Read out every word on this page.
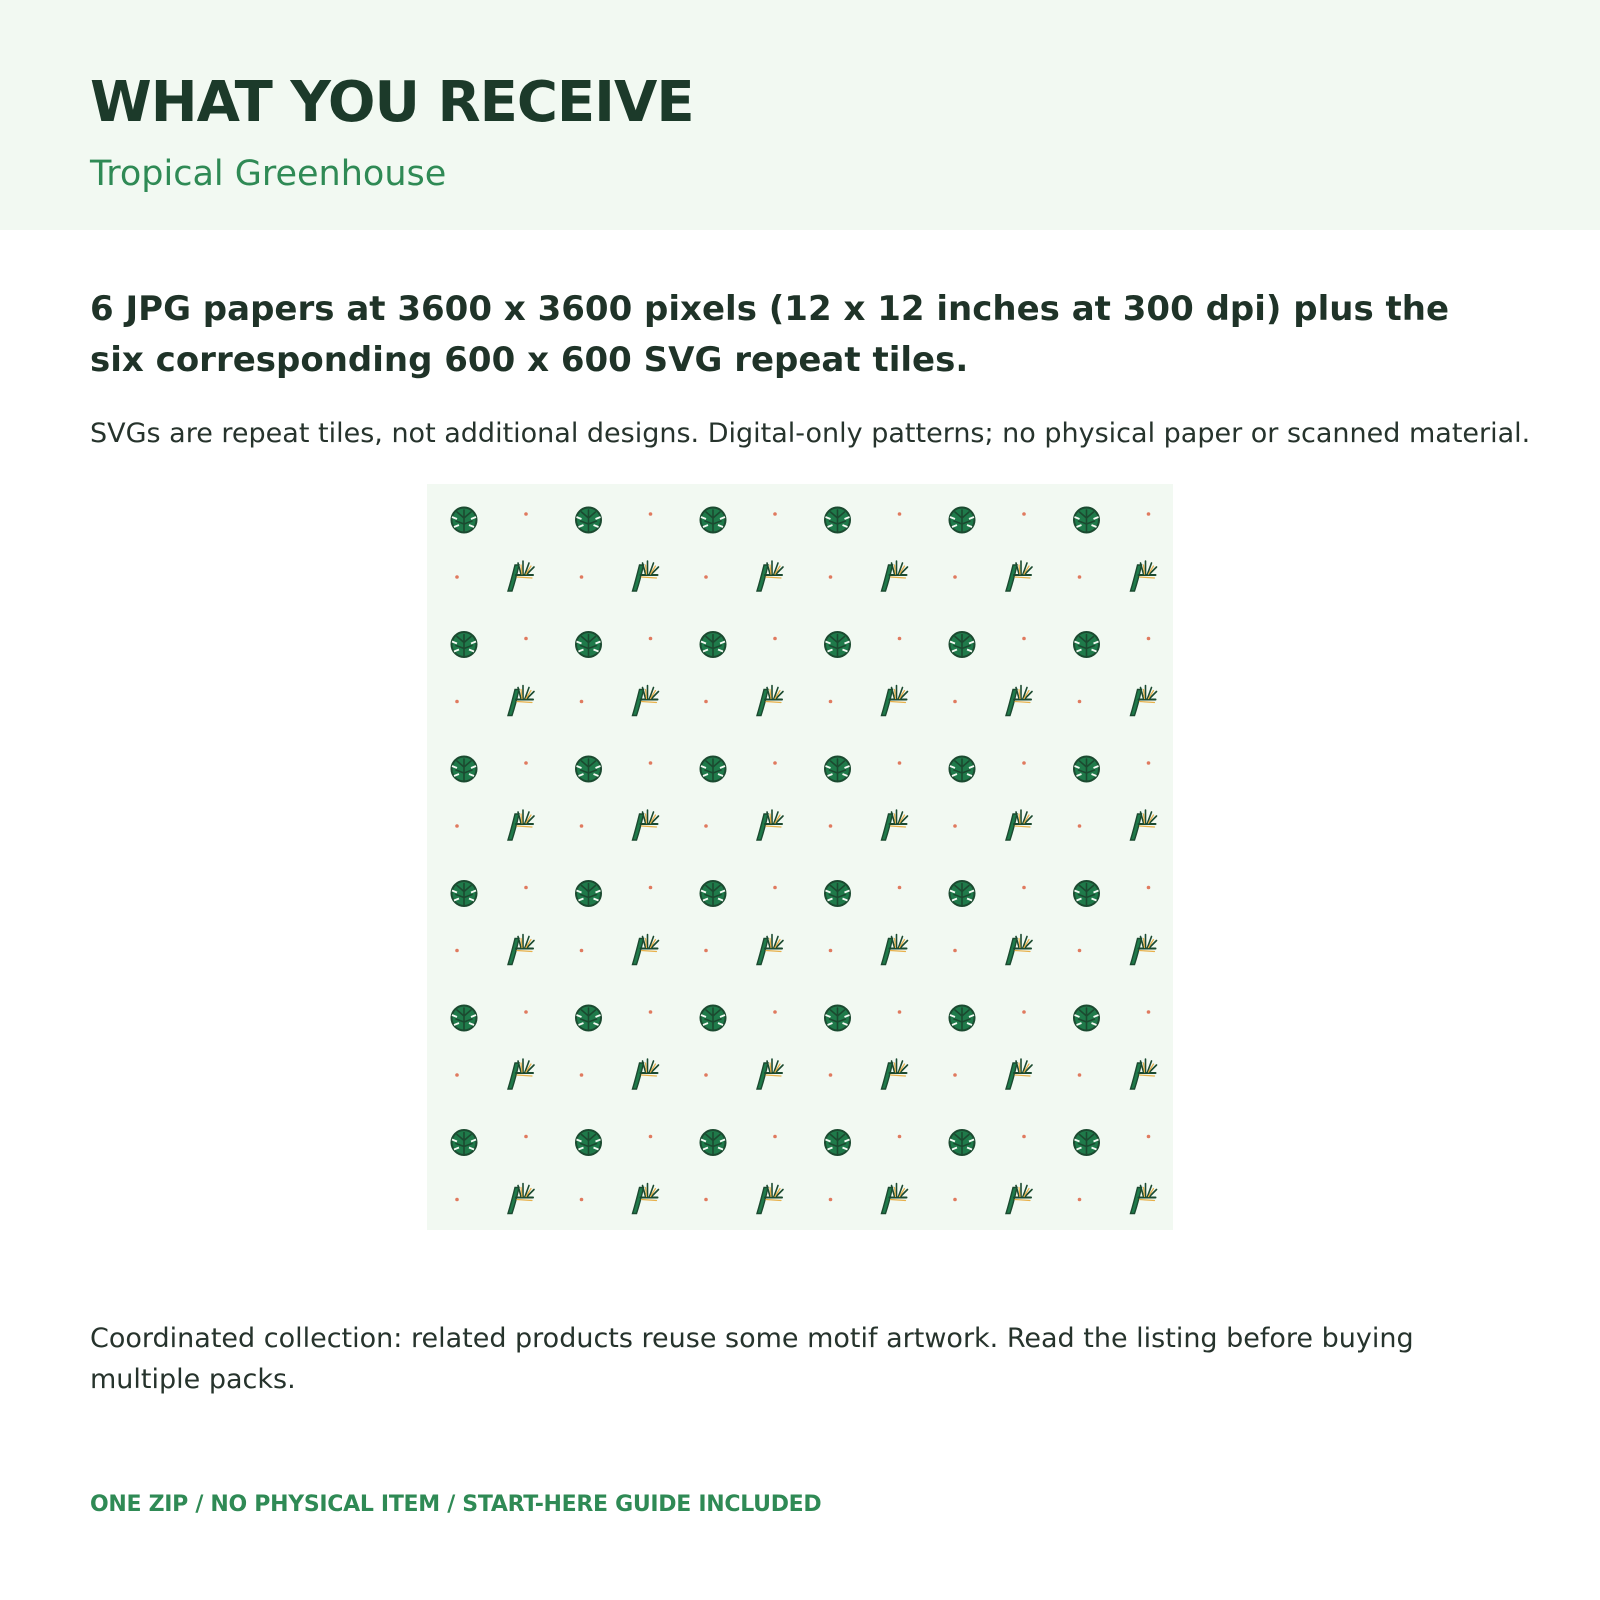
WHAT YOU RECEIVE

Tropical Greenhouse

6 JPG papers at 3600 x 3600 pixels (12 x 12 inches at 300 dpi) plus the six corresponding 600 x 600 SVG repeat tiles.

SVGs are repeat tiles, not additional designs. Digital-only patterns; no physical paper or scanned material.

Coordinated collection: related products reuse some motif artwork. Read the listing before buying multiple packs.

ONE ZIP / NO PHYSICAL ITEM / START-HERE GUIDE INCLUDED
